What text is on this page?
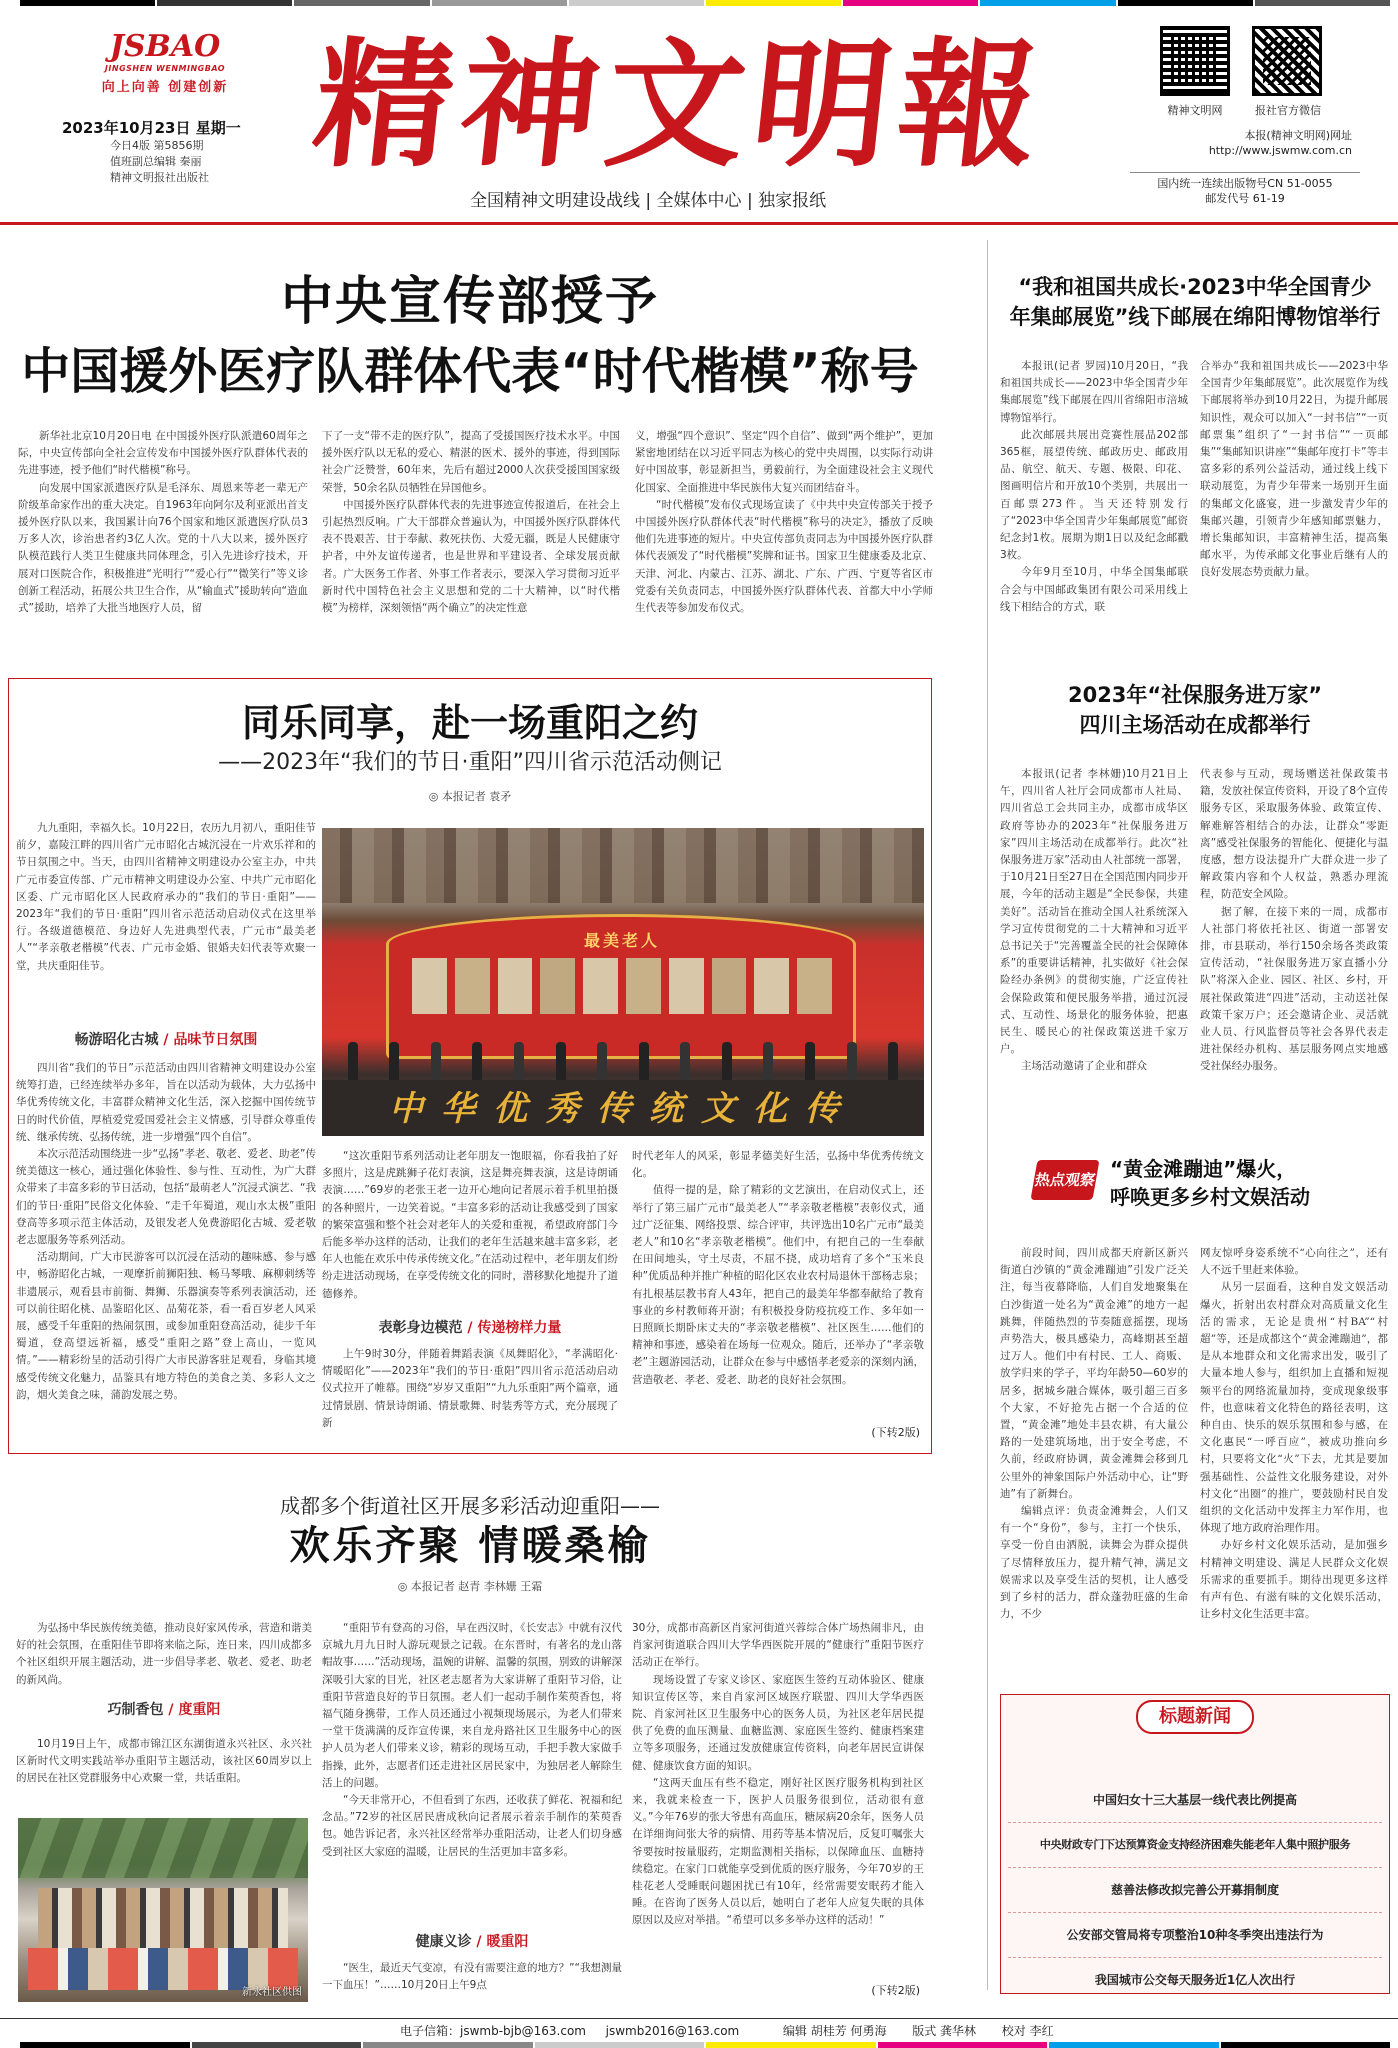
JSBAO
JINGSHEN WENMINGBAO
向上向善 创建创新
2023年10月23日 星期一
今日4版 第5856期
值班副总编辑 秦丽
精神文明报社出版社 精神文明報
全国精神文明建设战线 | 全媒体中心 | 独家报纸
精神文明网	报社官方微信
本报(精神文明网)网址
http://www.jswmw.com.cn
国内统一连续出版物号CN 51-0055
邮发代号 61-19
中央宣传部授予
中国援外医疗队群体代表“时代楷模”称号
新华社北京10月20日电 在中国援外医疗队派遣60周年之际，中央宣传部向全社会宣传发布中国援外医疗队群体代表的先进事迹，授予他们“时代楷模”称号。
向发展中国家派遣医疗队是毛泽东、周恩来等老一辈无产阶级革命家作出的重大决定。自1963年向阿尔及利亚派出首支援外医疗队以来，我国累计向76个国家和地区派遣医疗队员3万多人次，诊治患者约3亿人次。党的十八大以来，援外医疗队模范践行人类卫生健康共同体理念，引入先进诊疗技术，开展对口医院合作，积极推进“光明行”“爱心行”“微笑行”等义诊创新工程活动，拓展公共卫生合作，从“输血式”援助转向“造血式”援助，培养了大批当地医疗人员，留
下了一支“带不走的医疗队”，提高了受援国医疗技术水平。中国援外医疗队以无私的爱心、精湛的医术、援外的事迹，得到国际社会广泛赞誉，60年来，先后有超过2000人次获受援国国家级荣誉，50余名队员牺牲在异国他乡。
中国援外医疗队群体代表的先进事迹宣传报道后，在社会上引起热烈反响。广大干部群众普遍认为，中国援外医疗队群体代表不畏艰苦、甘于奉献、救死扶伤、大爱无疆，既是人民健康守护者，中外友谊传递者，也是世界和平建设者、全球发展贡献者。广大医务工作者、外事工作者表示，要深入学习贯彻习近平新时代中国特色社会主义思想和党的二十大精神，以“时代楷模”为榜样，深刻领悟“两个确立”的决定性意
义，增强“四个意识”、坚定“四个自信”、做到“两个维护”，更加紧密地团结在以习近平同志为核心的党中央周围，以实际行动讲好中国故事，彰显新担当，勇毅前行，为全面建设社会主义现代化国家、全面推进中华民族伟大复兴而团结奋斗。
“时代楷模”发布仪式现场宣读了《中共中央宣传部关于授予中国援外医疗队群体代表“时代楷模”称号的决定》，播放了反映他们先进事迹的短片。中央宣传部负责同志为中国援外医疗队群体代表颁发了“时代楷模”奖牌和证书。国家卫生健康委及北京、天津、河北、内蒙古、江苏、湖北、广东、广西、宁夏等省区市党委有关负责同志，中国援外医疗队群体代表、首都大中小学师生代表等参加发布仪式。
“我和祖国共成长·2023中华全国青少
年集邮展览”线下邮展在绵阳博物馆举行
本报讯(记者 罗园)10月20日，“我和祖国共成长——2023中华全国青少年集邮展览”线下邮展在四川省绵阳市涪城博物馆举行。
此次邮展共展出竞赛性展品202部365框，展望传统、邮政历史、邮政用品、航空、航天、专题、极限、印花、图画明信片和开放10个类别，共展出一百邮票273件。当天还特别发行了“2023中华全国青少年集邮展览”邮资纪念封1枚。展期为期1日以及纪念邮戳3枚。
今年9月至10月，中华全国集邮联合会与中国邮政集团有限公司采用线上线下相结合的方式，联
合举办“我和祖国共成长——2023中华全国青少年集邮展览”。此次展览作为线下邮展将举办到10月22日，为提升邮展知识性，观众可以加入“一封书信”“一页邮票集”组织了“一封书信”“一页邮集”“集邮知识讲座”“集邮年度打卡”等丰富多彩的系列公益活动，通过线上线下联动展览，为青少年带来一场别开生面的集邮文化盛宴，进一步激发青少年的集邮兴趣，引领青少年感知邮票魅力，增长集邮知识，丰富精神生活，提高集邮水平，为传承邮文化事业后继有人的良好发展态势贡献力量。
同乐同享，赴一场重阳之约
——2023年“我们的节日·重阳”四川省示范活动侧记
◎ 本报记者 袁矛
九九重阳，幸福久长。10月22日，农历九月初八，重阳佳节前夕，嘉陵江畔的四川省广元市昭化古城沉浸在一片欢乐祥和的节日氛围之中。当天，由四川省精神文明建设办公室主办，中共广元市委宣传部、广元市精神文明建设办公室、中共广元市昭化区委、广元市昭化区人民政府承办的“我们的节日·重阳”——2023年“我们的节日·重阳”四川省示范活动启动仪式在这里举行。各级道德模范、身边好人先进典型代表，广元市“最美老人”“孝亲敬老楷模”代表、广元市金婚、银婚夫妇代表等欢聚一堂，共庆重阳佳节。
畅游昭化古城 / 品味节日氛围
四川省“我们的节日”示范活动由四川省精神文明建设办公室统筹打造，已经连续举办多年，旨在以活动为载体，大力弘扬中华优秀传统文化，丰富群众精神文化生活，深入挖掘中国传统节日的时代价值，厚植爱党爱国爱社会主义情感，引导群众尊重传统、继承传统、弘扬传统，进一步增强“四个自信”。
本次示范活动围绕进一步“弘扬”孝老、敬老、爱老、助老”传统美德这一核心，通过强化体验性、参与性、互动性，为广大群众带来了丰富多彩的节日活动，包括“最萌老人”沉浸式演艺、“我们的节日·重阳”民俗文化体验、“走千年蜀道，观山水太极”重阳登高等多项示范主体活动，及银发老人免费游昭化古城、爱老敬老志愿服务等系列活动。
活动期间，广大市民游客可以沉浸在活动的趣味感、参与感中，畅游昭化古城，一观摩折前狮阳独、畅马琴哦、麻柳刺绣等非遗展示，观看县市前衙、舞狮、乐器演奏等系列表演活动，还可以前往昭化桃、品鉴昭化区、品菊花茶，看一看百岁老人风采展，感受千年重阳的热闹氛围，或参加重阳登高活动，徒步千年蜀道，登高望远祈福，感受“重阳之路”登上高山，一览风情。”——精彩纷呈的活动引得广大市民游客驻足观看，身临其境感受传统文化魅力，品鉴具有地方特色的美食之美、多彩人文之韵，烟火美食之味，蒲韵发展之势。
最美老人
中华优秀传统文化传
“这次重阳节系列活动让老年朋友一饱眼福，你看我拍了好多照片，这是虎跳狮子花灯表演，这是舞亮舞表演，这是诗朗诵表演……”69岁的老张王老一边开心地向记者展示着手机里拍摄的各种照片，一边笑着说。“丰富多彩的活动让我感受到了国家的繁荣富强和整个社会对老年人的关爱和重视，希望政府部门今后能多举办这样的活动，让我们的老年生活越来越丰富多彩，老年人也能在欢乐中传承传统文化。”在活动过程中，老年朋友们纷纷走进活动现场，在享受传统文化的同时，潜移默化地提升了道德修养。
表彰身边模范 / 传递榜样力量
上午9时30分，伴随着舞蹈表演《凤舞昭化》，“孝满昭化·情暖昭化”——2023年“我们的节日·重阳”四川省示范活动启动仪式拉开了帷幕。围绕“岁岁又重阳”“九九乐重阳”两个篇章，通过情景剧、情景诗朗诵、情景歌舞、时装秀等方式，充分展现了新
时代老年人的风采，彰显孝德美好生活，弘扬中华优秀传统文化。
值得一提的是，除了精彩的文艺演出，在启动仪式上，还举行了第三届广元市“最美老人”“孝亲敬老楷模”表彰仪式，通过广泛征集、网络投票、综合评审，共评选出10名广元市“最美老人”和10名“孝亲敬老楷模”。他们中，有把自己的一生奉献在田间地头，守土尽责，不屈不挠，成功培育了多个“玉米良种”优质品种并推广种植的昭化区农业农村局退休干部杨志泉；有扎根基层教书育人43年，把自己的最美年华都奉献给了教育事业的乡村教师蒋开澍；有积极投身防疫抗疫工作、多年如一日照顾长期卧床丈夫的“孝亲敬老楷模”、社区医生……他们的精神和事迹，感染着在场每一位观众。随后，还举办了“孝亲敬老”主题游园活动，让群众在参与中感悟孝老爱亲的深刻内涵，营造敬老、孝老、爱老、助老的良好社会氛围。
(下转2版)
2023年“社保服务进万家”
四川主场活动在成都举行
本报讯(记者 李林姗)10月21日上午，四川省人社厅会同成都市人社局、四川省总工会共同主办，成都市成华区政府等协办的2023年“社保服务进万家”四川主场活动在成都举行。此次“社保服务进万家”活动由人社部统一部署，于10月21日至27日在全国范围内同步开展，今年的活动主题是“全民参保，共建美好”。活动旨在推动全国人社系统深入学习宣传贯彻党的二十大精神和习近平总书记关于“完善覆盖全民的社会保障体系”的重要讲话精神，扎实做好《社会保险经办条例》的贯彻实施，广泛宣传社会保险政策和便民服务举措，通过沉浸式、互动性、场景化的服务体验，把惠民生、暖民心的社保政策送进千家万户。
主场活动邀请了企业和群众
代表参与互动，现场赠送社保政策书籍，发放社保宣传资料，开设了8个宣传服务专区，采取服务体验、政策宣传、解难解答相结合的办法，让群众“零距离”感受社保服务的智能化、便捷化与温度感，想方设法提升广大群众进一步了解政策内容和个人权益，熟悉办理流程，防范安全风险。
据了解，在接下来的一周，成都市人社部门将依托社区、街道一部署安排，市县联动，举行150余场各类政策宣传活动，“社保服务进万家直播小分队”将深入企业、园区、社区、乡村，开展社保政策进“四进”活动，主动送社保政策千家万户；还会邀请企业、灵活就业人员、行风监督员等社会各界代表走进社保经办机构、基层服务网点实地感受社保经办服务。
热点观察 “黄金滩蹦迪”爆火，
呼唤更多乡村文娱活动
前段时间，四川成都天府新区新兴街道白沙镇的“黄金滩蹦迪”引发广泛关注，每当夜幕降临，人们自发地聚集在白沙街道一处名为“黄金滩”的地方一起跳舞，伴随热烈的节奏随意摇摆，现场声势浩大，极具感染力，高峰期甚至超过万人。他们中有村民、工人、商贩、放学归来的学子，平均年龄50—60岁的居多，据城乡融合媒体，吸引超三百多个大家，不好抢先占据一个合适的位置，“黄金滩”地处丰县农耕，有大量公路的一处建筑场地，出于安全考虑，不久前，经政府协调，黄金滩舞会移到几公里外的神象国际户外活动中心，让“野迪”有了新舞台。
编辑点评：负责金滩舞会，人们又有一个“身份”，参与，主打一个快乐，享受一份自由洒脱，读舞会为群众提供了尽情释放压力，提升精气神，满足文娱需求以及享受生活的契机，让人感受到了乡村的活力，群众蓬勃旺盛的生命力，不少
网友惊呼身姿系统不“心向往之”，还有人不远千里赶来体验。
从另一层面看，这种自发文娱活动爆火，折射出农村群众对高质量文化生活的需求，无论是贵州“村BA”“村超”等，还是成都这个“黄金滩蹦迪”，都是从本地群众和文化需求出发，吸引了大量本地人参与，组织加上直播和短视频平台的网络流量加持，变成现象级事件，也意味着文化特色的路径表明，这种自由、快乐的娱乐氛围和参与感，在文化惠民“一呼百应”，被成功推向乡村，只要将文化“火”下去，尤其是要加强基础性、公益性文化服务建设，对外村文化“出圈”的推广，要鼓励村民自发组织的文化活动中发挥主力军作用，也体现了地方政府治理作用。
办好乡村文化娱乐活动，是加强乡村精神文明建设、满足人民群众文化娱乐需求的重要抓手。期待出现更多这样有声有色、有滋有味的文化娱乐活动，让乡村文化生活更丰富。
标题新闻
中国妇女十三大基层一线代表比例提高
中央财政专门下达预算资金支持经济困难失能老年人集中照护服务
慈善法修改拟完善公开募捐制度
公安部交管局将专项整治10种冬季突出违法行为
我国城市公交每天服务近1亿人次出行
成都多个街道社区开展多彩活动迎重阳——
欢乐齐聚 情暖桑榆
◎ 本报记者 赵青 李林姗 王霜
为弘扬中华民族传统美德，推动良好家风传承，营造和谐美好的社会氛围，在重阳佳节即将来临之际，连日来，四川成都多个社区组织开展主题活动，进一步倡导孝老、敬老、爱老、助老的新风尚。
巧制香包 / 度重阳
10月19日上午，成都市锦江区东湖街道永兴社区、永兴社区新时代文明实践站举办重阳节主题活动，该社区60周岁以上的居民在社区党群服务中心欢聚一堂，共话重阳。
新永社区供图
“重阳节有登高的习俗，早在西汉时，《长安志》中就有汉代京城九月九日时人游玩观景之记载。在东晋时，有著名的龙山落帽故事……”活动现场，温婉的讲解、温馨的氛围，别致的讲解深深吸引大家的目光，社区老志愿者为大家讲解了重阳节习俗，让重阳节营造良好的节日氛围。老人们一起动手制作茱萸香包，将福气随身携带，工作人员还通过小视频现场展示，为老人们带来一堂干货满满的反诈宣传课，来自龙舟路社区卫生服务中心的医护人员为老人们带来义诊，精彩的现场互动，手把手教大家做手指操，此外，志愿者们还走进社区居民家中，为独居老人解除生活上的问题。
“今天非常开心，不但看到了东西，还收获了鲜花、祝福和纪念品。”72岁的社区居民唐成秋向记者展示着亲手制作的茱萸香包。她告诉记者，永兴社区经常举办重阳活动，让老人们切身感受到社区大家庭的温暖，让居民的生活更加丰富多彩。
健康义诊 / 暖重阳
“医生，最近天气变凉，有没有需要注意的地方？”“我想测量一下血压！”……10月20日上午9点
30分，成都市高新区肖家河街道兴蓉综合体广场热闹非凡，由肖家河街道联合四川大学华西医院开展的“健康行”重阳节医疗活动正在举行。
现场设置了专家义诊区、家庭医生签约互动体验区、健康知识宣传区等，来自肖家河区域医疗联盟、四川大学华西医院、肖家河社区卫生服务中心的医务人员，为社区老年居民提供了免费的血压测量、血糖监测、家庭医生签约、健康档案建立等多项服务，还通过发放健康宣传资料，向老年居民宣讲保健、健康饮食方面的知识。
“这两天血压有些不稳定，刚好社区医疗服务机构到社区来，我就来检查一下，医护人员服务很到位，活动很有意义。”今年76岁的张大爷患有高血压，糖尿病20余年，医务人员在详细询问张大爷的病情、用药等基本情况后，反复叮嘱张大爷要按时按量服药，定期监测相关指标，以保障血压、血糖持续稳定。在家门口就能享受到优质的医疗服务，今年70岁的王桂花老人受睡眠问题困扰已有10年，经常需要安眠药才能入睡。在咨询了医务人员以后，她明白了老年人应复失眠的具体原因以及应对举措。“希望可以多多举办这样的活动！”
(下转2版)
电子信箱：jswmb-bjb@163.com jswmb2016@163.com	编辑 胡桂芳 何勇海 版式 龚华林 校对 李红
